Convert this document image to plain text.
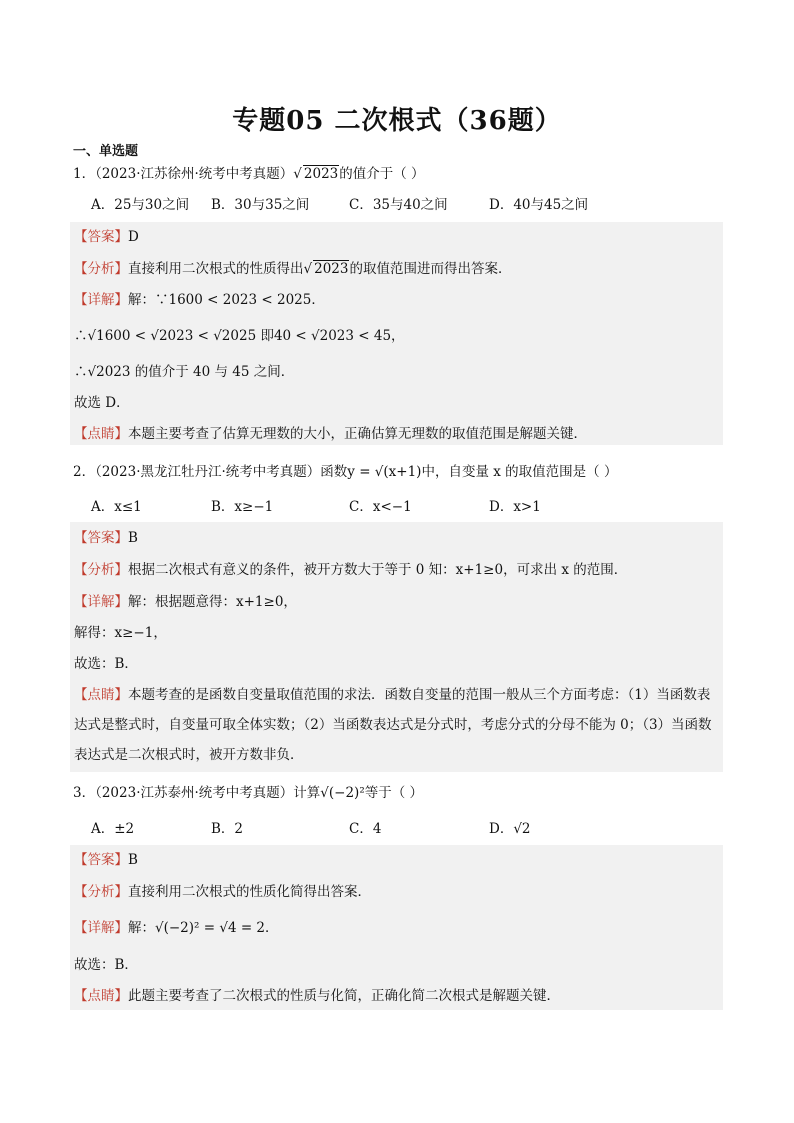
专题05 二次根式（36题）
一、单选题
1．（2023·江苏徐州·统考中考真题）√ 2023的值介于（ ）
A．25与30之间 B．30与35之间	C．35与40之间	D．40与45之间
【答案】D
【分析】直接利用二次根式的性质得出√ 2023的取值范围进而得出答案．
【详解】解：∵1600 < 2023 < 2025．
∴√1600 < √2023 < √2025 即40 < √2023 < 45，
∴√2023 的值介于 40 与 45 之间．
故选 D．
【点睛】本题主要考查了估算无理数的大小，正确估算无理数的取值范围是解题关键．
2．（2023·黑龙江牡丹江·统考中考真题）函数y = √(x+1)中，自变量 x 的取值范围是（ ）
A．x≤1	B．x≥−1	C．x<−1	D．x>1
【答案】B
【分析】根据二次根式有意义的条件，被开方数大于等于 0 知：x+1≥0，可求出 x 的范围．
【详解】解：根据题意得：x+1≥0，
解得：x≥−1，
故选：B．
【点睛】本题考查的是函数自变量取值范围的求法．函数自变量的范围一般从三个方面考虑：（1）当函数表达式是整式时，自变量可取全体实数；（2）当函数表达式是分式时，考虑分式的分母不能为 0；（3）当函数表达式是二次根式时，被开方数非负．
3．（2023·江苏泰州·统考中考真题）计算√(−2)²等于（ ）
A．±2	B．2	C．4	D．√2
【答案】B
【分析】直接利用二次根式的性质化简得出答案．
【详解】解：√(−2)² = √4 = 2．
故选：B．
【点睛】此题主要考查了二次根式的性质与化简，正确化简二次根式是解题关键．
